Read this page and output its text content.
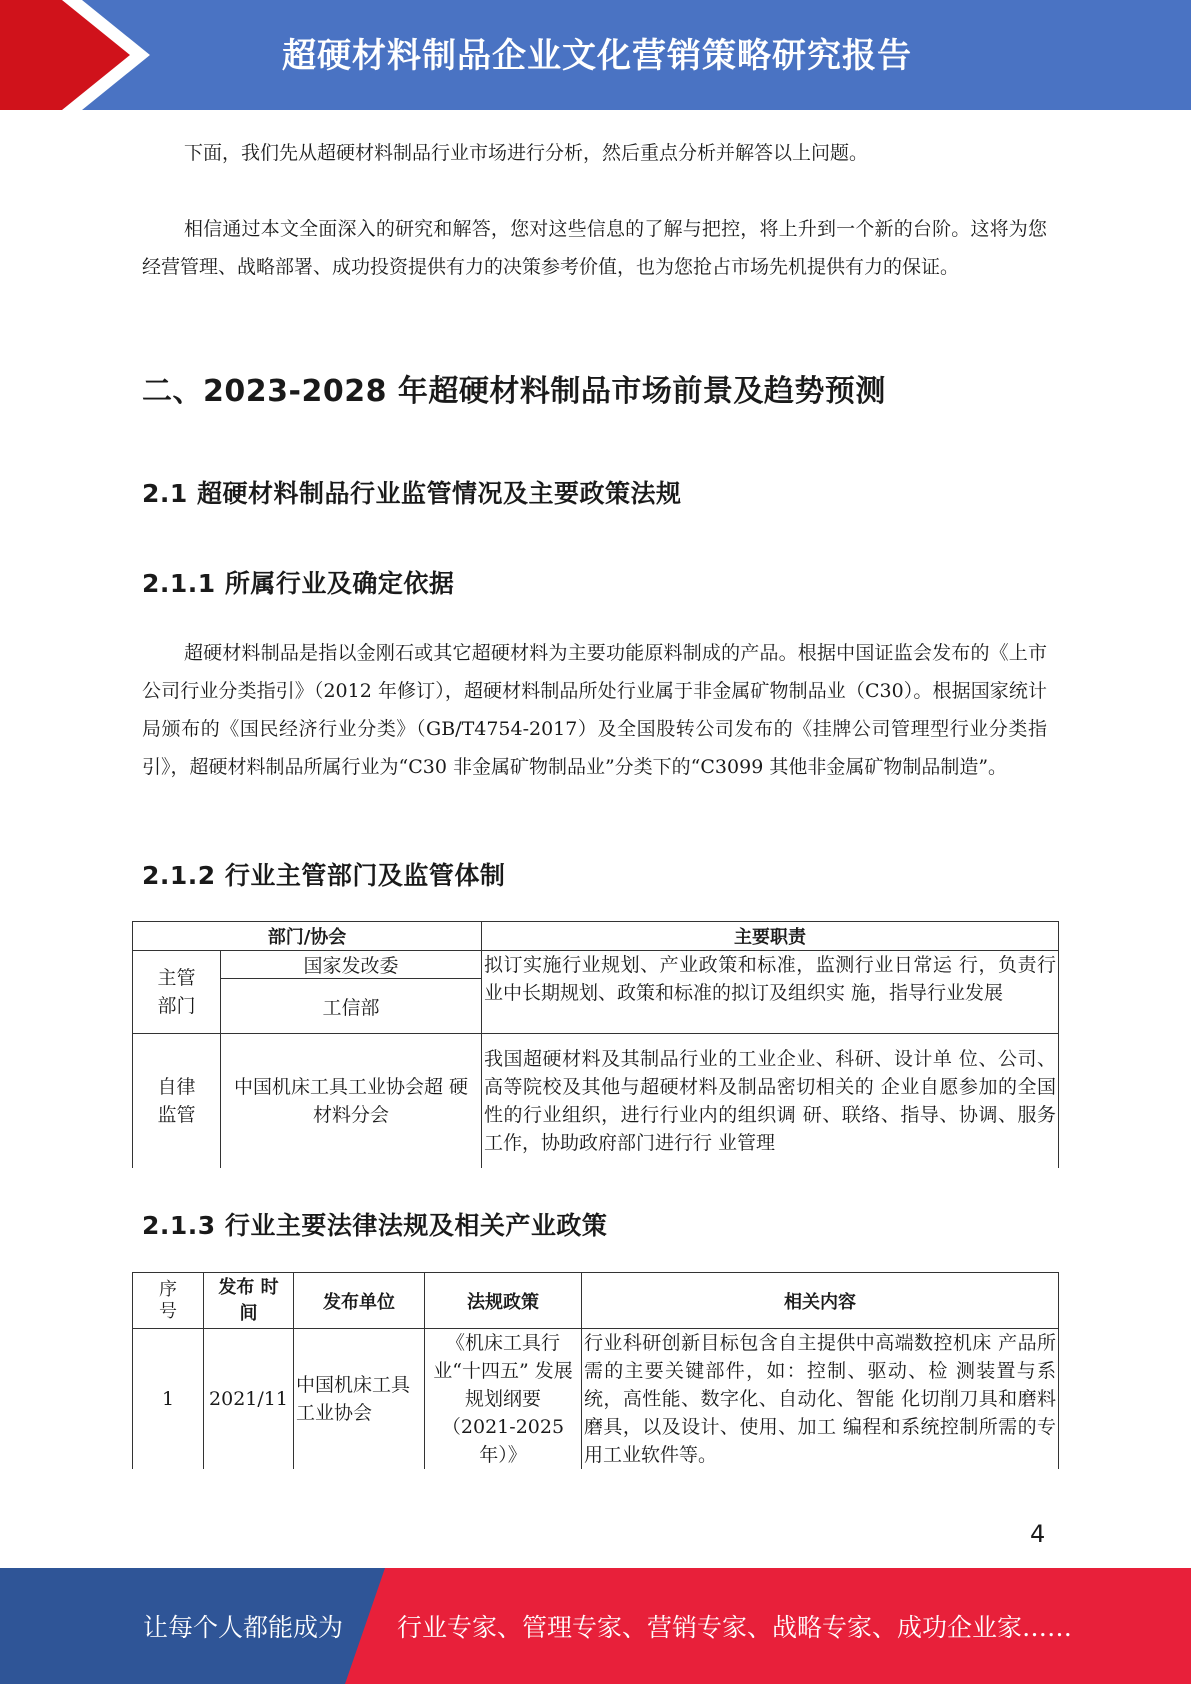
超硬材料制品企业文化营销策略研究报告
下面，我们先从超硬材料制品行业市场进行分析，然后重点分析并解答以上问题。
相信通过本文全面深入的研究和解答，您对这些信息的了解与把控，将上升到一个新的台阶。这将为您经营管理、战略部署、成功投资提供有力的决策参考价值，也为您抢占市场先机提供有力的保证。
二、2023-2028 年超硬材料制品市场前景及趋势预测
2.1 超硬材料制品行业监管情况及主要政策法规
2.1.1 所属行业及确定依据
超硬材料制品是指以金刚石或其它超硬材料为主要功能原料制成的产品。根据中国证监会发布的《上市公司行业分类指引》（2012 年修订），超硬材料制品所处行业属于非金属矿物制品业（C30）。根据国家统计局颁布的《国民经济行业分类》（GB/T4754-2017）及全国股转公司发布的《挂牌公司管理型行业分类指引》，超硬材料制品所属行业为“C30 非金属矿物制品业”分类下的“C3099 其他非金属矿物制品制造”。
2.1.2 行业主管部门及监管体制
部门/协会		主要职责

主管部门	国家发改委	拟订实施行业规划、产业政策和标准，监测行业日常运 行，负责行业中长期规划、政策和标准的拟订及组织实 施，指导行业发展
	工信部	

自律监管	中国机床工具工业协会超 硬材料分会	我国超硬材料及其制品行业的工业企业、科研、设计单 位、公司、高等院校及其他与超硬材料及制品密切相关的 企业自愿参加的全国性的行业组织，进行行业内的组织调 研、联络、指导、协调、服务工作，协助政府部门进行行 业管理
2.1.3 行业主要法律法规及相关产业政策
序号	发布 时间	发布单位	法规政策	相关内容
1	2021/11	中国机床工具工业协会	《机床工具行 业“十四五” 发展规划纲要（2021-2025年）》	行业科研创新目标包含自主提供中高端数控机床 产品所需的主要关键部件，如：控制、驱动、检 测装置与系统，高性能、数字化、自动化、智能 化切削刀具和磨料磨具，以及设计、使用、加工 编程和系统控制所需的专用工业软件等。
4
让每个人都能成为 行业专家、管理专家、营销专家、战略专家、成功企业家……
